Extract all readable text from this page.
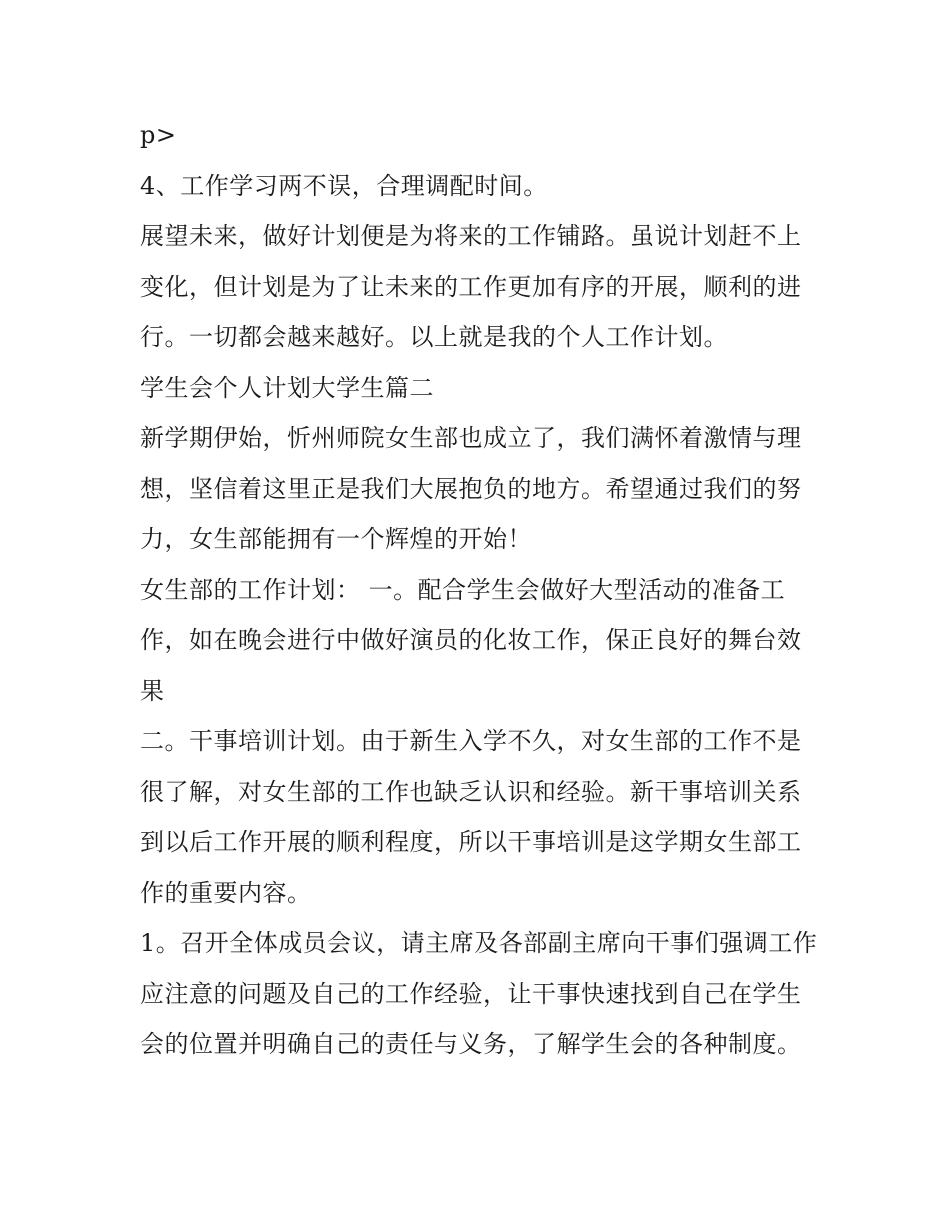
p>

4、工作学习两不误，合理调配时间。

展望未来，做好计划便是为将来的工作铺路。虽说计划赶不上变化，但计划是为了让未来的工作更加有序的开展，顺利的进行。一切都会越来越好。以上就是我的个人工作计划。

学生会个人计划大学生篇二

新学期伊始，忻州师院女生部也成立了，我们满怀着激情与理想，坚信着这里正是我们大展抱负的地方。希望通过我们的努力，女生部能拥有一个辉煌的开始！

女生部的工作计划： 一。配合学生会做好大型活动的准备工作，如在晚会进行中做好演员的化妆工作，保正良好的舞台效果

二。干事培训计划。由于新生入学不久，对女生部的工作不是很了解，对女生部的工作也缺乏认识和经验。新干事培训关系到以后工作开展的顺利程度，所以干事培训是这学期女生部工作的重要内容。

1。召开全体成员会议，请主席及各部副主席向干事们强调工作应注意的问题及自己的工作经验，让干事快速找到自己在学生会的位置并明确自己的责任与义务，了解学生会的各种制度。
